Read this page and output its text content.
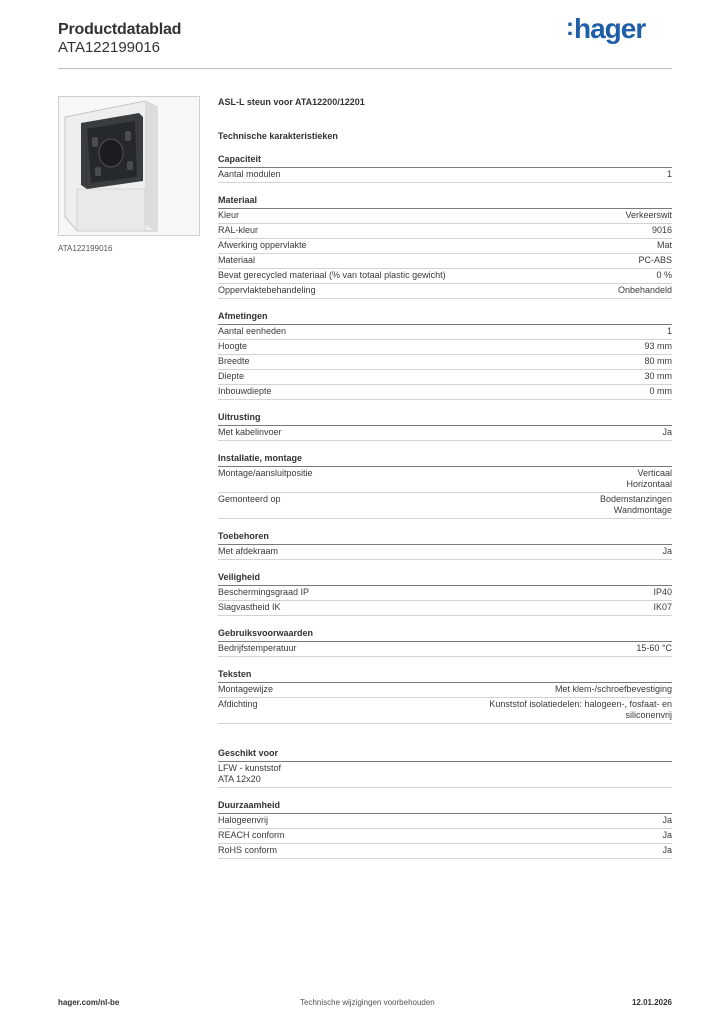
Productdatablad
ATA122199016
:hager
ATA122199016
ASL-L steun voor ATA12200/12201
Technische karakteristieken
Capaciteit
Aantal modulen	1
Materiaal
Kleur	Verkeerswit
RAL-kleur	9016
Afwerking oppervlakte	Mat
Materiaal	PC-ABS
Bevat gerecycled materiaal (% van totaal plastic gewicht)	0 %
Oppervlaktebehandeling	Onbehandeld
Afmetingen
Aantal eenheden	1
Hoogte	93 mm
Breedte	80 mm
Diepte	30 mm
Inbouwdiepte	0 mm
Uitrusting
Met kabelinvoer	Ja
Installatie, montage
Montage/aansluitpositie	Verticaal
Horizontaal
Gemonteerd op	Bodemstanzingen
Wandmontage
Toebehoren
Met afdekraam	Ja
Veiligheid
Beschermingsgraad IP	IP40
Slagvastheid IK	IK07
Gebruiksvoorwaarden
Bedrijfstemperatuur	15-60 °C
Teksten
Montagewijze	Met klem-/schroefbevestiging
Afdichting	Kunststof isolatiedelen: halogeen-, fosfaat- en
siliconenvrij
Geschikt voor
LFW - kunststof
ATA 12x20
Duurzaamheid
Halogeenvrij	Ja
REACH conform	Ja
RoHS conform	Ja
hager.com/nl-be	Technische wijzigingen voorbehouden	12.01.2026
